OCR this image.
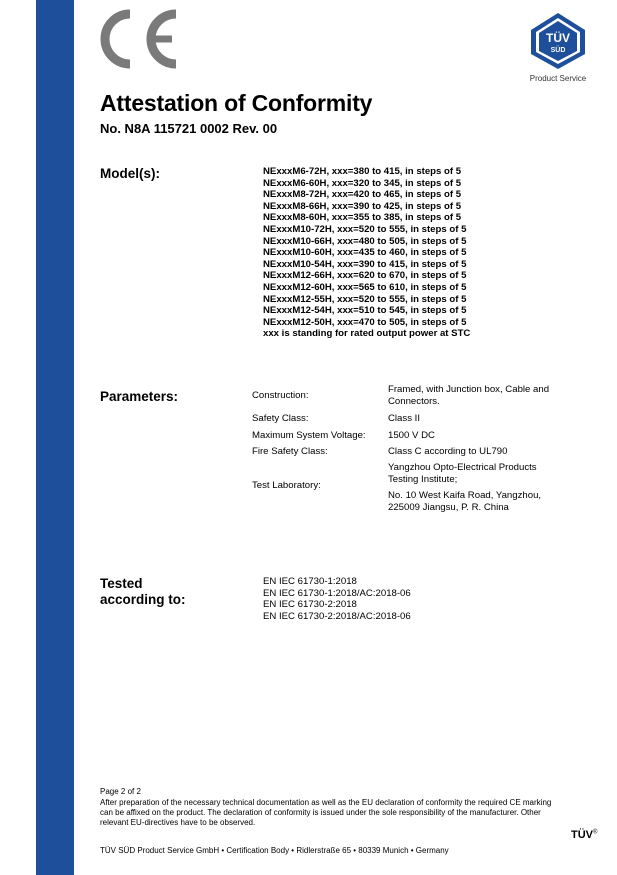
ZERTIFIKAT ◆ CERTIFICATE ◆ 認證證書 ◆ СЕРТИФИКАТ ◆ CERTIFICADO ◆ CERTIFICAT	TÜV
SÜD
Product Service
Attestation of Conformity
No. N8A 115721 0002 Rev. 00
Model(s):	NExxxM6-72H, xxx=380 to 415, in steps of 5
NExxxM6-60H, xxx=320 to 345, in steps of 5
NExxxM8-72H, xxx=420 to 465, in steps of 5
NExxxM8-66H, xxx=390 to 425, in steps of 5
NExxxM8-60H, xxx=355 to 385, in steps of 5
NExxxM10-72H, xxx=520 to 555, in steps of 5
NExxxM10-66H, xxx=480 to 505, in steps of 5
NExxxM10-60H, xxx=435 to 460, in steps of 5
NExxxM10-54H, xxx=390 to 415, in steps of 5
NExxxM12-66H, xxx=620 to 670, in steps of 5
NExxxM12-60H, xxx=565 to 610, in steps of 5
NExxxM12-55H, xxx=520 to 555, in steps of 5
NExxxM12-54H, xxx=510 to 545, in steps of 5
NExxxM12-50H, xxx=470 to 505, in steps of 5
xxx is standing for rated output power at STC
Parameters:	Construction:
Framed, with Junction box, Cable and
Connectors.
Safety Class:	Class II
Maximum System Voltage: 1500 V DC
Fire Safety Class:	Class C according to UL790
Test Laboratory:
Yangzhou Opto-Electrical Products
Testing Institute;
No. 10 West Kaifa Road, Yangzhou,
225009 Jiangsu, P. R. China
Tested
according to:
EN IEC 61730-1:2018
EN IEC 61730-1:2018/AC:2018-06
EN IEC 61730-2:2018
EN IEC 61730-2:2018/AC:2018-06
Page 2 of 2
After preparation of the necessary technical documentation as well as the EU declaration of conformity the required CE marking can be affixed on the product. The declaration of conformity is issued under the sole responsibility of the manufacturer. Other relevant EU-directives have to be observed.
TÜV®
TÜV SÜD Product Service GmbH • Certification Body • Ridlerstraße 65 • 80339 Munich • Germany
